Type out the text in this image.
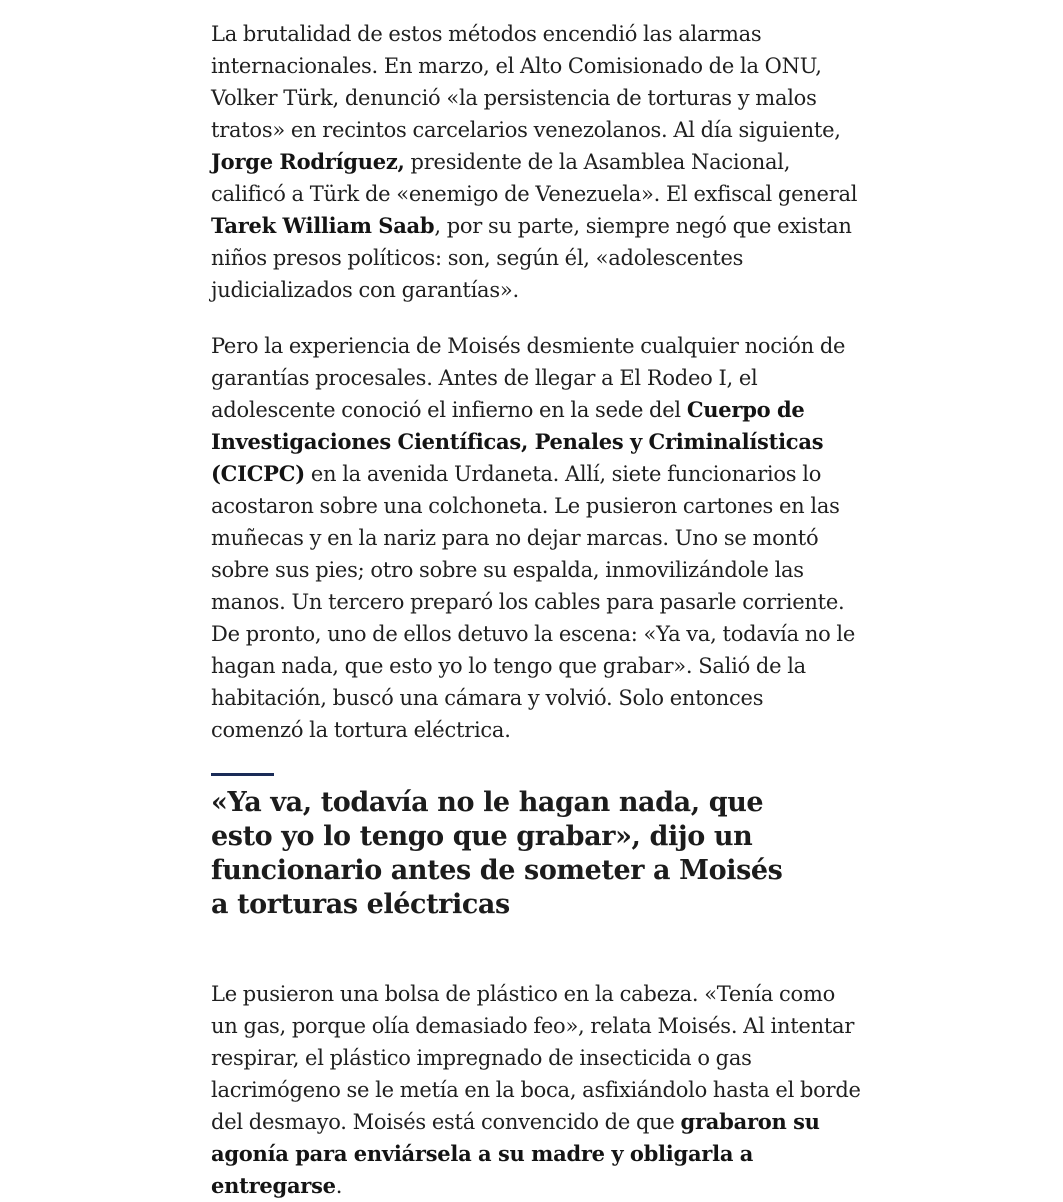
La brutalidad de estos métodos encendió las alarmas internacionales. En marzo, el Alto Comisionado de la ONU, Volker Türk, denunció «la persistencia de torturas y malos tratos» en recintos carcelarios venezolanos. Al día siguiente, Jorge Rodríguez, presidente de la Asamblea Nacional, calificó a Türk de «enemigo de Venezuela». El exfiscal general Tarek William Saab, por su parte, siempre negó que existan niños presos políticos: son, según él, «adolescentes judicializados con garantías».

Pero la experiencia de Moisés desmiente cualquier noción de garantías procesales. Antes de llegar a El Rodeo I, el adolescente conoció el infierno en la sede del Cuerpo de Investigaciones Científicas, Penales y Criminalísticas (CICPC) en la avenida Urdaneta. Allí, siete funcionarios lo acostaron sobre una colchoneta. Le pusieron cartones en las muñecas y en la nariz para no dejar marcas. Uno se montó sobre sus pies; otro sobre su espalda, inmovilizándole las manos. Un tercero preparó los cables para pasarle corriente. De pronto, uno de ellos detuvo la escena: «Ya va, todavía no le hagan nada, que esto yo lo tengo que grabar». Salió de la habitación, buscó una cámara y volvió. Solo entonces comenzó la tortura eléctrica.

«Ya va, todavía no le hagan nada, que esto yo lo tengo que grabar», dijo un funcionario antes de someter a Moisés a torturas eléctricas

Le pusieron una bolsa de plástico en la cabeza. «Tenía como un gas, porque olía demasiado feo», relata Moisés. Al intentar respirar, el plástico impregnado de insecticida o gas lacrimógeno se le metía en la boca, asfixiándolo hasta el borde del desmayo. Moisés está convencido de que grabaron su agonía para enviársela a su madre y obligarla a entregarse.
